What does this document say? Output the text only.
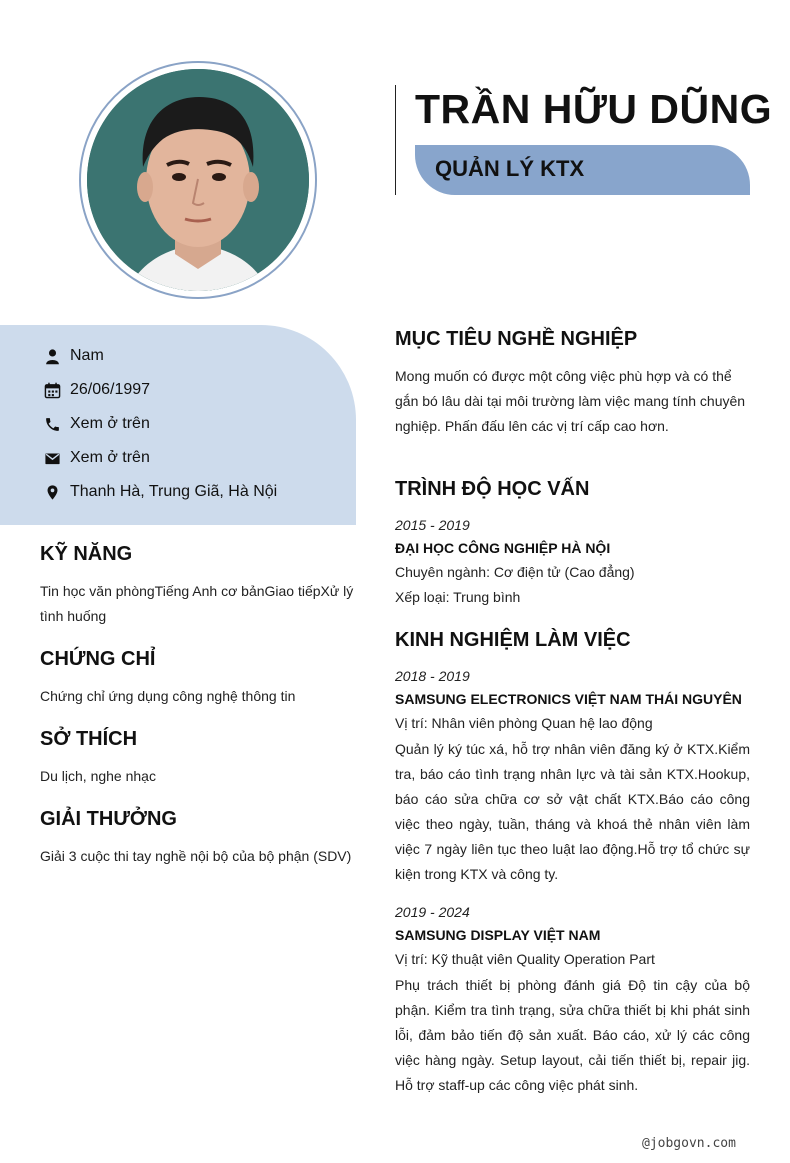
TRẦN HỮU DŨNG
QUẢN LÝ KTX
Nam
26/06/1997
Xem ở trên
Xem ở trên
Thanh Hà, Trung Giã, Hà Nội
KỸ NĂNG
Tin học văn phòngTiếng Anh cơ bảnGiao tiếpXử lý
tình huống
CHỨNG CHỈ
Chứng chỉ ứng dụng công nghệ thông tin
SỞ THÍCH
Du lịch, nghe nhạc
GIẢI THƯỞNG
Giải 3 cuộc thi tay nghề nội bộ của bộ phận (SDV)
MỤC TIÊU NGHỀ NGHIỆP
Mong muốn có được một công việc phù hợp và có thể
gắn bó lâu dài tại môi trường làm việc mang tính chuyên
nghiệp. Phấn đấu lên các vị trí cấp cao hơn.
TRÌNH ĐỘ HỌC VẤN
2015 - 2019
ĐẠI HỌC CÔNG NGHIỆP HÀ NỘI
Chuyên ngành: Cơ điện tử (Cao đẳng)
Xếp loại: Trung bình
KINH NGHIỆM LÀM VIỆC
2018 - 2019
SAMSUNG ELECTRONICS VIỆT NAM THÁI NGUYÊN
Vị trí: Nhân viên phòng Quan hệ lao động
Quản lý ký túc xá, hỗ trợ nhân viên đăng ký ở KTX.Kiểm tra, báo cáo tình trạng nhân lực và tài sản KTX.Hookup, báo cáo sửa chữa cơ sở vật chất KTX.Báo cáo công việc theo ngày, tuần, tháng và khoá thẻ nhân viên làm việc 7 ngày liên tục theo luật lao động.Hỗ trợ tổ chức sự kiện trong KTX và công ty.
2019 - 2024
SAMSUNG DISPLAY VIỆT NAM
Vị trí: Kỹ thuật viên Quality Operation Part
Phụ trách thiết bị phòng đánh giá Độ tin cậy của bộ phận. Kiểm tra tình trạng, sửa chữa thiết bị khi phát sinh lỗi, đảm bảo tiến độ sản xuất. Báo cáo, xử lý các công việc hàng ngày. Setup layout, cải tiến thiết bị, repair jig. Hỗ trợ staff-up các công việc phát sinh.
@jobgovn.com
